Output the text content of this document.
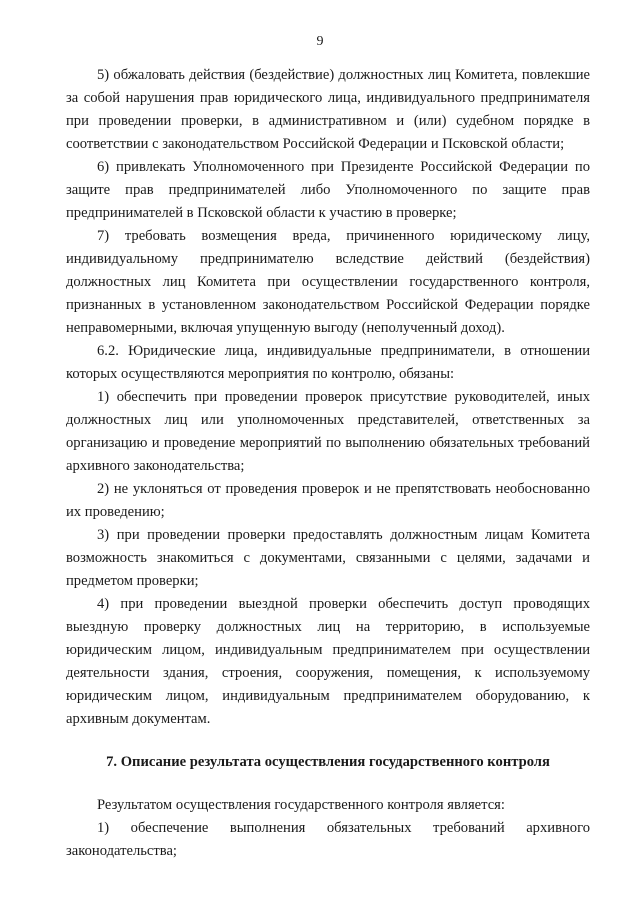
9

5) обжаловать действия (бездействие) должностных лиц Комитета, повлекшие за собой нарушения прав юридического лица, индивидуального предпринимателя при проведении проверки, в административном и (или) судебном порядке в соответствии с законодательством Российской Федерации и Псковской области;

6) привлекать Уполномоченного при Президенте Российской Федерации по защите прав предпринимателей либо Уполномоченного по защите прав предпринимателей в Псковской области к участию в проверке;

7) требовать возмещения вреда, причиненного юридическому лицу, индивидуальному предпринимателю вследствие действий (бездействия) должностных лиц Комитета при осуществлении государственного контроля, признанных в установленном законодательством Российской Федерации порядке неправомерными, включая упущенную выгоду (неполученный доход).

6.2. Юридические лица, индивидуальные предприниматели, в отношении которых осуществляются мероприятия по контролю, обязаны:

1) обеспечить при проведении проверок присутствие руководителей, иных должностных лиц или уполномоченных представителей, ответственных за организацию и проведение мероприятий по выполнению обязательных требований архивного законодательства;

2) не уклоняться от проведения проверок и не препятствовать необоснованно их проведению;

3) при проведении проверки предоставлять должностным лицам Комитета возможность знакомиться с документами, связанными с целями, задачами и предметом проверки;

4) при проведении выездной проверки обеспечить доступ проводящих выездную проверку должностных лиц на территорию, в используемые юридическим лицом, индивидуальным предпринимателем при осуществлении деятельности здания, строения, сооружения, помещения, к используемому юридическим лицом, индивидуальным предпринимателем оборудованию, к архивным документам.

7. Описание результата осуществления государственного контроля

Результатом осуществления государственного контроля является:

1) обеспечение выполнения обязательных требований архивного законодательства;
